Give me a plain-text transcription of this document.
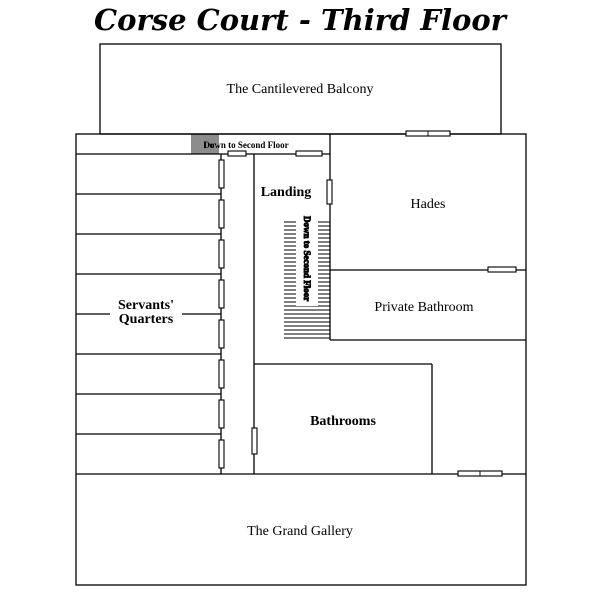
Corse Court - Third Floor
The Cantilevered Balcony
Down to Second Floor
Servants'
Quarters
Down to Second Floor
Landing
Hades
Private Bathroom
Bathrooms
The Grand Gallery
